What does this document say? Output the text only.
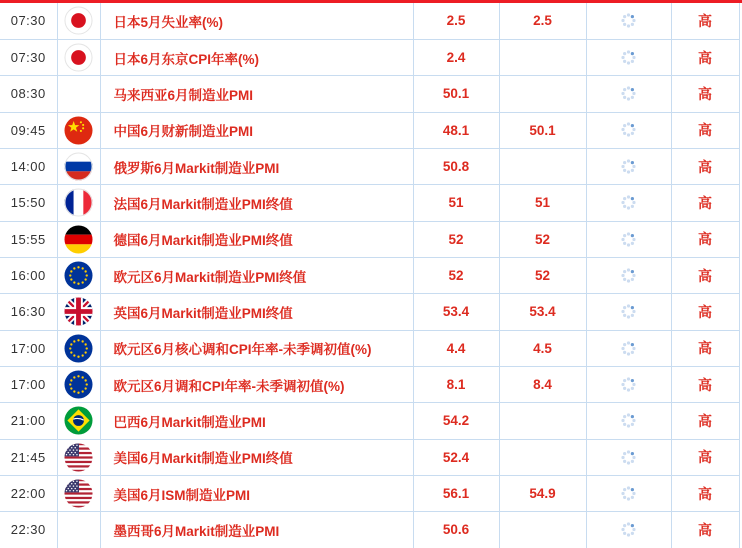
07:30		日本5月失业率(%)	2.5	2.5		高
07:30		日本6月东京CPI年率(%)	2.4			高
08:30		马来西亚6月制造业PMI	50.1			高
09:45		中国6月财新制造业PMI	48.1	50.1		高
14:00		俄罗斯6月Markit制造业PMI	50.8			高
15:50		法国6月Markit制造业PMI终值	51	51		高
15:55		德国6月Markit制造业PMI终值	52	52		高
16:00		欧元区6月Markit制造业PMI终值	52	52		高
16:30		英国6月Markit制造业PMI终值	53.4	53.4		高
17:00		欧元区6月核心调和CPI年率-未季调初值(%)	4.4	4.5		高
17:00		欧元区6月调和CPI年率-未季调初值(%)	8.1	8.4		高
21:00		巴西6月Markit制造业PMI	54.2			高
21:45		美国6月Markit制造业PMI终值	52.4			高
22:00		美国6月ISM制造业PMI	56.1	54.9		高
22:30		墨西哥6月Markit制造业PMI	50.6			高
